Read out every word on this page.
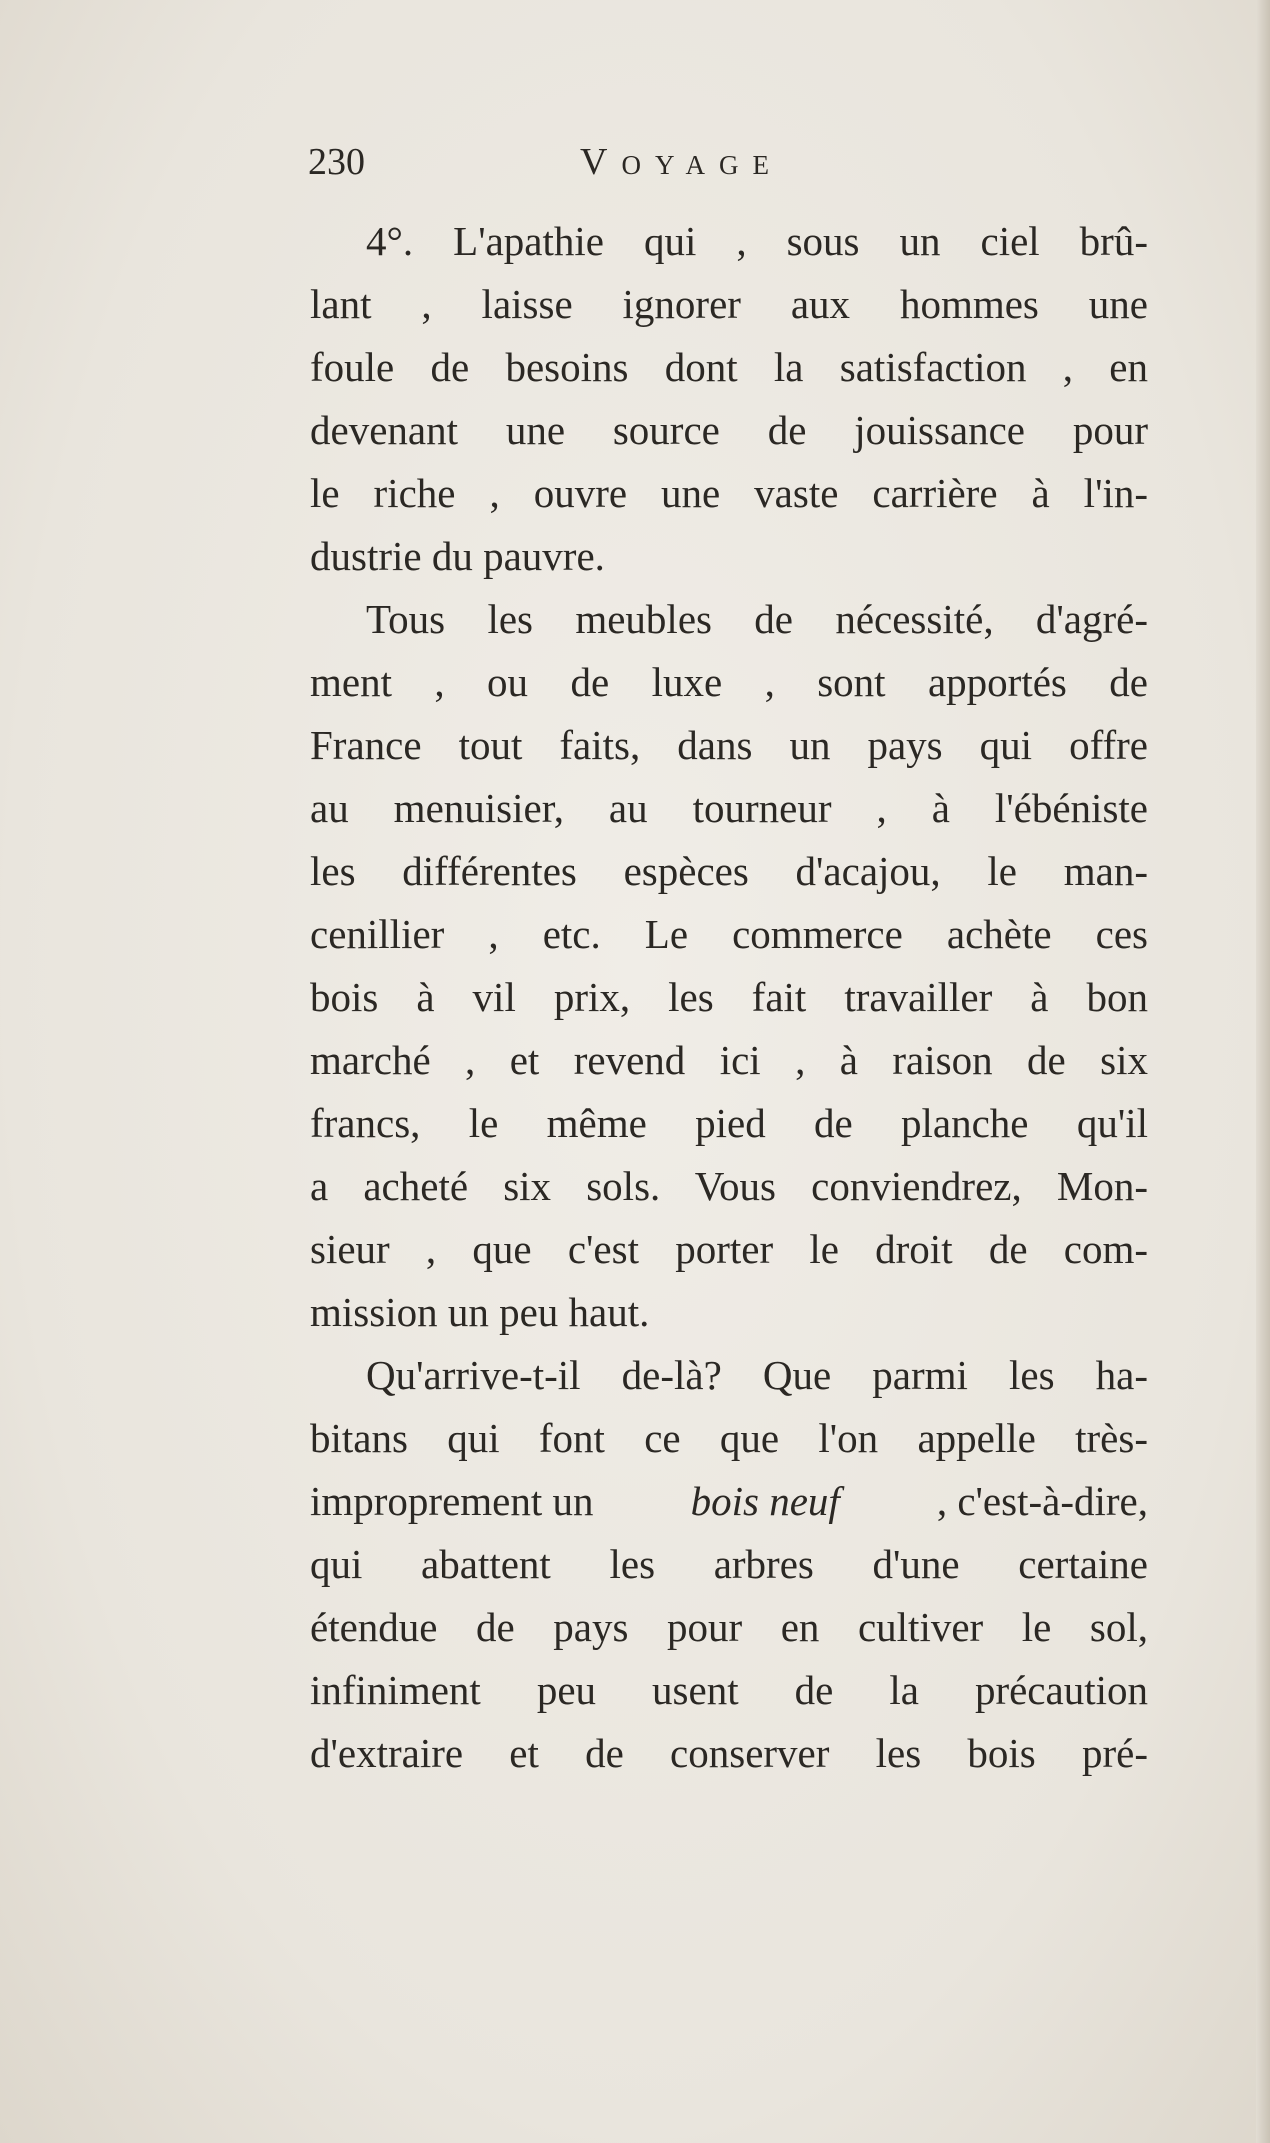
230	Voyage
4°. L'apathie qui , sous un ciel brû-
lant , laisse ignorer aux hommes une
foule de besoins dont la satisfaction , en
devenant une source de jouissance pour
le riche , ouvre une vaste carrière à l'in-
dustrie du pauvre.
Tous les meubles de nécessité, d'agré-
ment , ou de luxe , sont apportés de
France tout faits, dans un pays qui offre
au menuisier, au tourneur , à l'ébéniste
les différentes espèces d'acajou, le man-
cenillier , etc. Le commerce achète ces
bois à vil prix, les fait travailler à bon
marché , et revend ici , à raison de six
francs, le même pied de planche qu'il
a acheté six sols. Vous conviendrez, Mon-
sieur , que c'est porter le droit de com-
mission un peu haut.
Qu'arrive-t-il de-là? Que parmi les ha-
bitans qui font ce que l'on appelle très-
improprement un bois neuf , c'est-à-dire,
qui abattent les arbres d'une certaine
étendue de pays pour en cultiver le sol,
infiniment peu usent de la précaution
d'extraire et de conserver les bois pré-
